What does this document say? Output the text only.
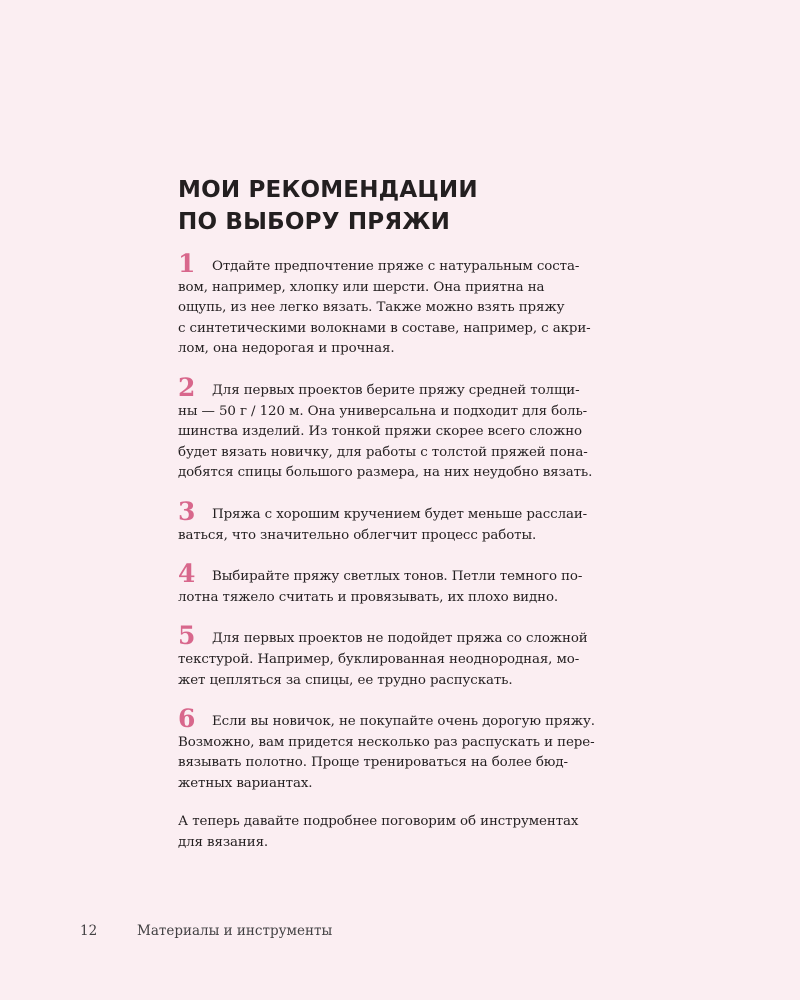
МОИ РЕКОМЕНДАЦИИ
ПО ВЫБОРУ ПРЯЖИ
1 Отдайте предпочтение пряже с натуральным соста-
вом, например, хлопку или шерсти. Она приятна на
ощупь, из нее легко вязать. Также можно взять пряжу
с синтетическими волокнами в составе, например, с акри-
лом, она недорогая и прочная.
2 Для первых проектов берите пряжу средней толщи-
ны — 50 г / 120 м. Она универсальна и подходит для боль-
шинства изделий. Из тонкой пряжи скорее всего сложно
будет вязать новичку, для работы с толстой пряжей пона-
добятся спицы большого размера, на них неудобно вязать.
3 Пряжа с хорошим кручением будет меньше расслаи-
ваться, что значительно облегчит процесс работы.
4 Выбирайте пряжу светлых тонов. Петли темного по-
лотна тяжело считать и провязывать, их плохо видно.
5 Для первых проектов не подойдет пряжа со сложной
текстурой. Например, буклированная неоднородная, мо-
жет цепляться за спицы, ее трудно распускать.
6 Если вы новичок, не покупайте очень дорогую пряжу.
Возможно, вам придется несколько раз распускать и пере-
вязывать полотно. Проще тренироваться на более бюд-
жетных вариантах.
А теперь давайте подробнее поговорим об инструментах
для вязания.
12	Материалы и инструменты
